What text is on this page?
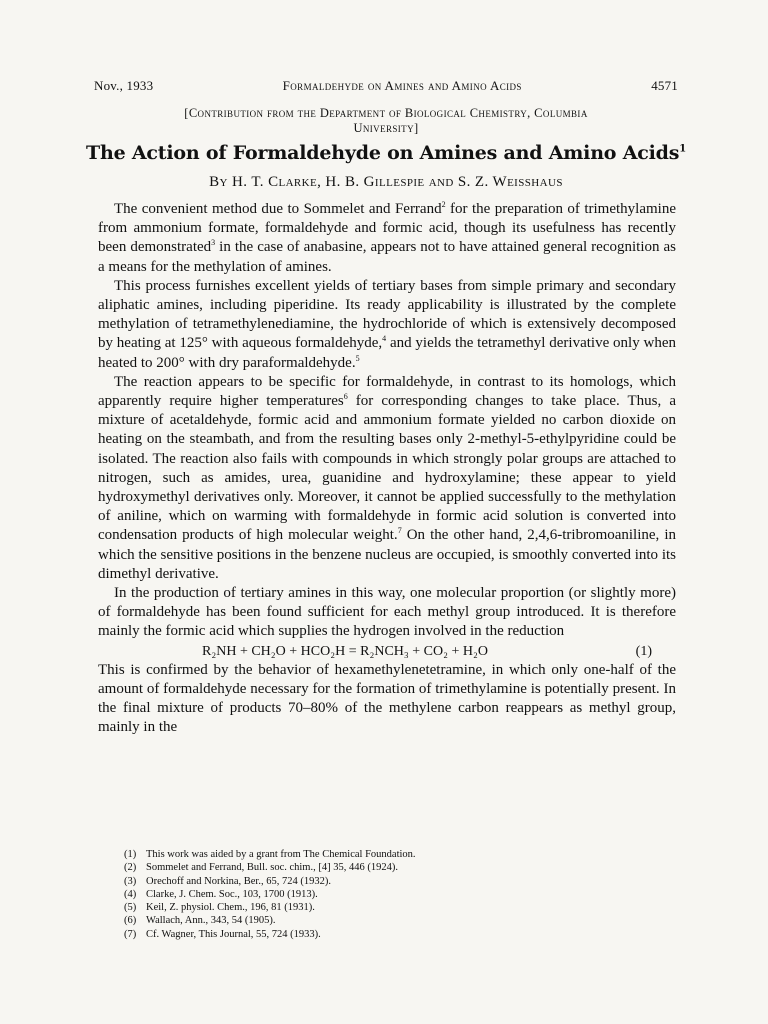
Nov., 1933	Formaldehyde on Amines and Amino Acids	4571
[Contribution from the Department of Biological Chemistry, Columbia
University]
The Action of Formaldehyde on Amines and Amino Acids$^1$
By H. T. Clarke, H. B. Gillespie and S. Z. Weisshaus

The convenient method due to Sommelet and Ferrand$^2$ for the preparation of trimethylamine from ammonium formate, formaldehyde and formic acid, though its usefulness has recently been demonstrated$^3$ in the case of anabasine, appears not to have attained general recognition as a means for the methylation of amines.

This process furnishes excellent yields of tertiary bases from simple primary and secondary aliphatic amines, including piperidine. Its ready applicability is illustrated by the complete methylation of tetramethylenediamine, the hydrochloride of which is extensively decomposed by heating at 125° with aqueous formaldehyde,$^4$ and yields the tetramethyl derivative only when heated to 200° with dry paraformaldehyde.$^5$

The reaction appears to be specific for formaldehyde, in contrast to its homologs, which apparently require higher temperatures$^6$ for corresponding changes to take place. Thus, a mixture of acetaldehyde, formic acid and ammonium formate yielded no carbon dioxide on heating on the steambath, and from the resulting bases only 2-methyl-5-ethylpyridine could be isolated. The reaction also fails with compounds in which strongly polar groups are attached to nitrogen, such as amides, urea, guanidine and hydroxylamine; these appear to yield hydroxymethyl derivatives only. Moreover, it cannot be applied successfully to the methylation of aniline, which on warming with formaldehyde in formic acid solution is converted into condensation products of high molecular weight.$^7$ On the other hand, 2,4,6-tribromoaniline, in which the sensitive positions in the benzene nucleus are occupied, is smoothly converted into its dimethyl derivative.

In the production of tertiary amines in this way, one molecular proportion (or slightly more) of formaldehyde has been found sufficient for each methyl group introduced. It is therefore mainly the formic acid which supplies the hydrogen involved in the reduction

R₂NH + CH₂O + HCO₂H = R₂NCH₃ + CO₂ + H₂O	(1)

This is confirmed by the behavior of hexamethylenetetramine, in which only one-half of the amount of formaldehyde necessary for the formation of trimethylamine is potentially present. In the final mixture of products 70–80% of the methylene carbon reappears as methyl group, mainly in the

(1) This work was aided by a grant from The Chemical Foundation.
(2) Sommelet and Ferrand, Bull. soc. chim., [4] 35, 446 (1924).
(3) Orechoff and Norkina, Ber., 65, 724 (1932).
(4) Clarke, J. Chem. Soc., 103, 1700 (1913).
(5) Keil, Z. physiol. Chem., 196, 81 (1931).
(6) Wallach, Ann., 343, 54 (1905).
(7) Cf. Wagner, This Journal, 55, 724 (1933).
